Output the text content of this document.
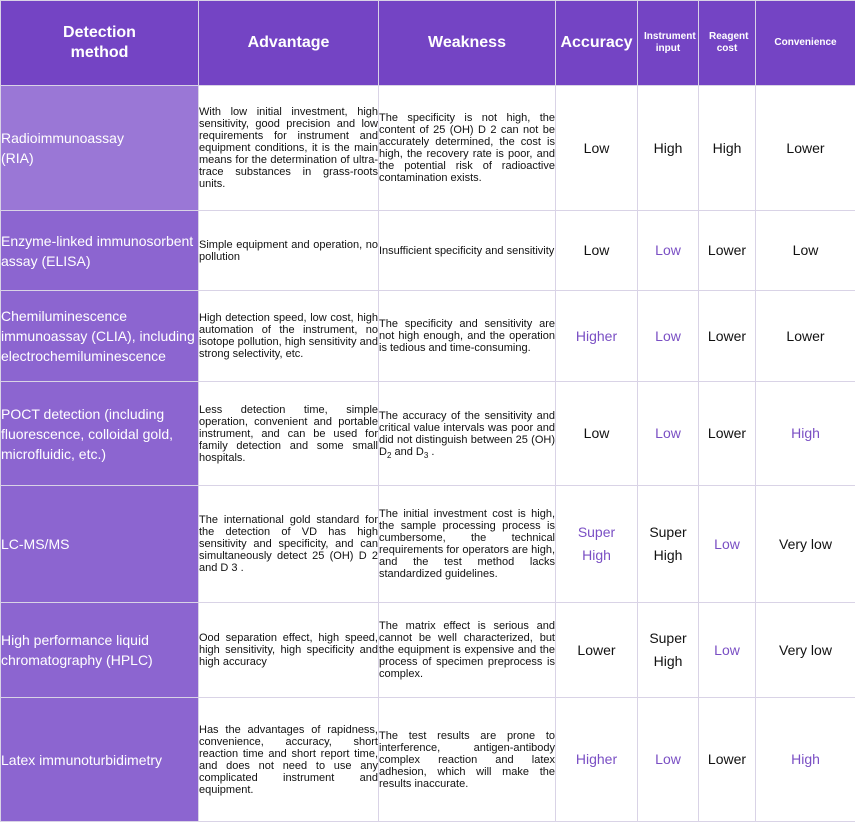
Detection method	Advantage	Weakness	Accuracy	Instrument input	Reagent cost	Convenience
Radioimmunoassay (RIA)	With low initial investment, high sensitivity, good precision and low requirements for instrument and equipment conditions, it is the main means for the determination of ultra-trace substances in grass-roots units.	The specificity is not high, the content of 25 (OH) D 2 can not be accurately determined, the cost is high, the recovery rate is poor, and the potential risk of radioactive contamination exists.	Low	High	High	Lower
Enzyme-linked immunosorbent assay (ELISA)	Simple equipment and operation, no pollution	Insufficient specificity and sensitivity	Low	Low	Lower	Low
Chemiluminescence immunoassay (CLIA), including electrochemiluminescence	High detection speed, low cost, high automation of the instrument, no isotope pollution, high sensitivity and strong selectivity, etc.	The specificity and sensitivity are not high enough, and the operation is tedious and time-consuming.	Higher	Low	Lower	Lower
POCT detection (including fluorescence, colloidal gold, microfluidic, etc.)	Less detection time, simple operation, convenient and portable instrument, and can be used for family detection and some small hospitals.	The accuracy of the sensitivity and critical value intervals was poor and did not distinguish between 25 (OH) $D_2$ and $D_3$ .	Low	Low	Lower	High
LC-MS/MS	The international gold standard for the detection of VD has high sensitivity and specificity, and can simultaneously detect 25 (OH) D 2 and D 3 .	The initial investment cost is high, the sample processing process is cumbersome, the technical requirements for operators are high, and the test method lacks standardized guidelines.	Super High	Super High	Low	Very low
High performance liquid chromatography (HPLC)	Ood separation effect, high speed, high sensitivity, high specificity and high accuracy	The matrix effect is serious and cannot be well characterized, but the equipment is expensive and the process of specimen preprocess is complex.	Lower	Super High	Low	Very low
Latex immunoturbidimetry	Has the advantages of rapidness, convenience, accuracy, short reaction time and short report time, and does not need to use any complicated instrument and equipment.	The test results are prone to interference, antigen-antibody complex reaction and latex adhesion, which will make the results inaccurate.	Higher	Low	Lower	High
